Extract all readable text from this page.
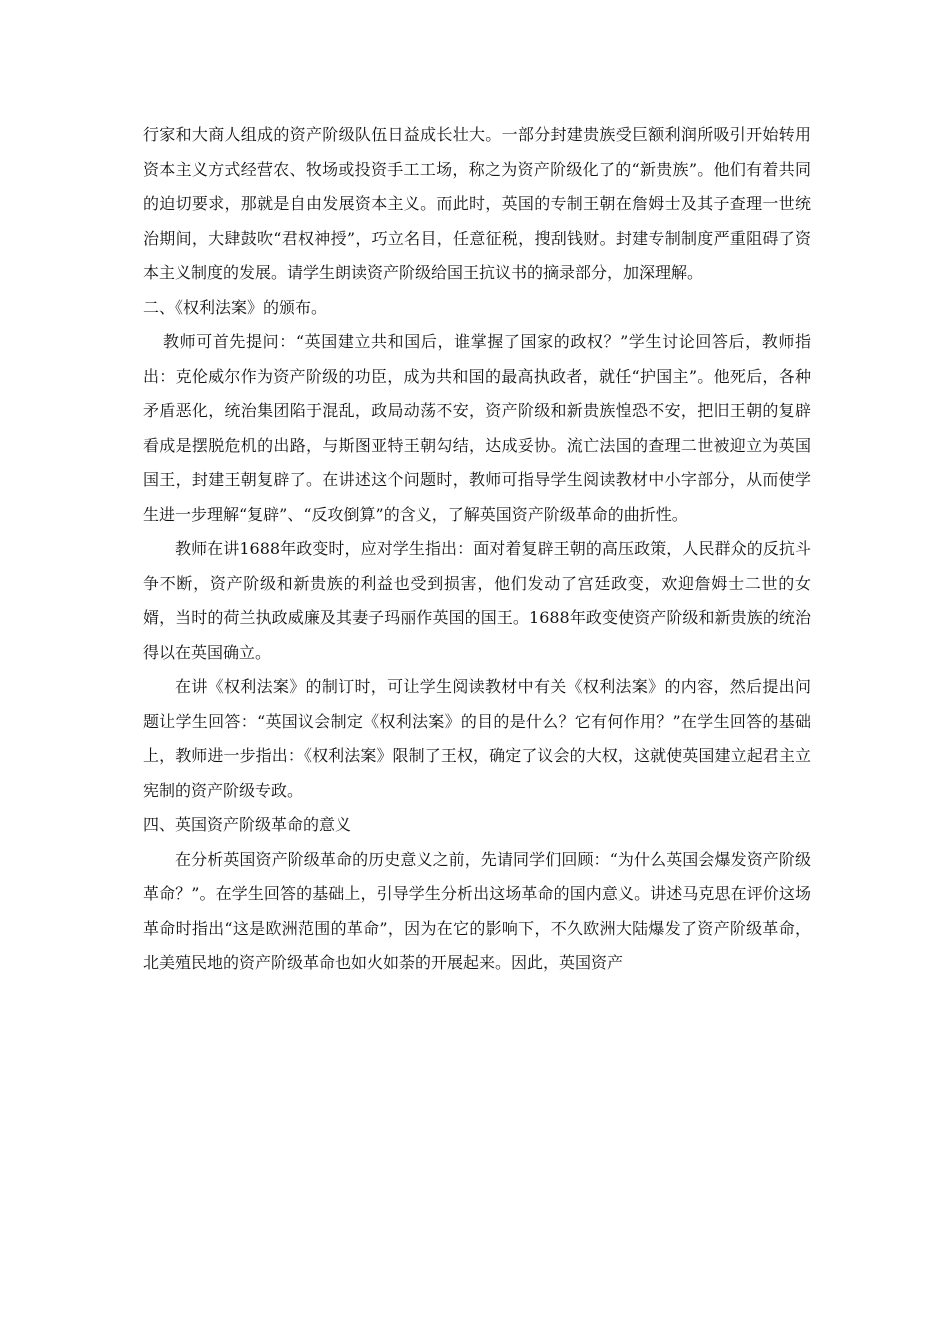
行家和大商人组成的资产阶级队伍日益成长壮大。一部分封建贵族受巨额利润所吸引开始转用资本主义方式经营农、牧场或投资手工工场，称之为资产阶级化了的“新贵族”。他们有着共同的迫切要求，那就是自由发展资本主义。而此时，英国的专制王朝在詹姆士及其子查理一世统治期间，大肆鼓吹“君权神授”，巧立名目，任意征税，搜刮钱财。封建专制制度严重阻碍了资本主义制度的发展。请学生朗读资产阶级给国王抗议书的摘录部分，加深理解。

二、《权利法案》的颁布。

教师可首先提问：“英国建立共和国后，谁掌握了国家的政权？”学生讨论回答后，教师指出：克伦威尔作为资产阶级的功臣，成为共和国的最高执政者，就任“护国主”。他死后，各种矛盾恶化，统治集团陷于混乱，政局动荡不安，资产阶级和新贵族惶恐不安，把旧王朝的复辟看成是摆脱危机的出路，与斯图亚特王朝勾结，达成妥协。流亡法国的查理二世被迎立为英国国王，封建王朝复辟了。在讲述这个问题时，教师可指导学生阅读教材中小字部分，从而使学生进一步理解“复辟”、“反攻倒算”的含义，了解英国资产阶级革命的曲折性。

教师在讲1688年政变时，应对学生指出：面对着复辟王朝的高压政策，人民群众的反抗斗争不断，资产阶级和新贵族的利益也受到损害，他们发动了宫廷政变，欢迎詹姆士二世的女婿，当时的荷兰执政威廉及其妻子玛丽作英国的国王。1688年政变使资产阶级和新贵族的统治得以在英国确立。

在讲《权利法案》的制订时，可让学生阅读教材中有关《权利法案》的内容，然后提出问题让学生回答：“英国议会制定《权利法案》的目的是什么？它有何作用？”在学生回答的基础上，教师进一步指出：《权利法案》限制了王权，确定了议会的大权，这就使英国建立起君主立宪制的资产阶级专政。

四、英国资产阶级革命的意义

在分析英国资产阶级革命的历史意义之前，先请同学们回顾：“为什么英国会爆发资产阶级革命？”。在学生回答的基础上，引导学生分析出这场革命的国内意义。讲述马克思在评价这场革命时指出“这是欧洲范围的革命”，因为在它的影响下，不久欧洲大陆爆发了资产阶级革命，北美殖民地的资产阶级革命也如火如荼的开展起来。因此，英国资产
